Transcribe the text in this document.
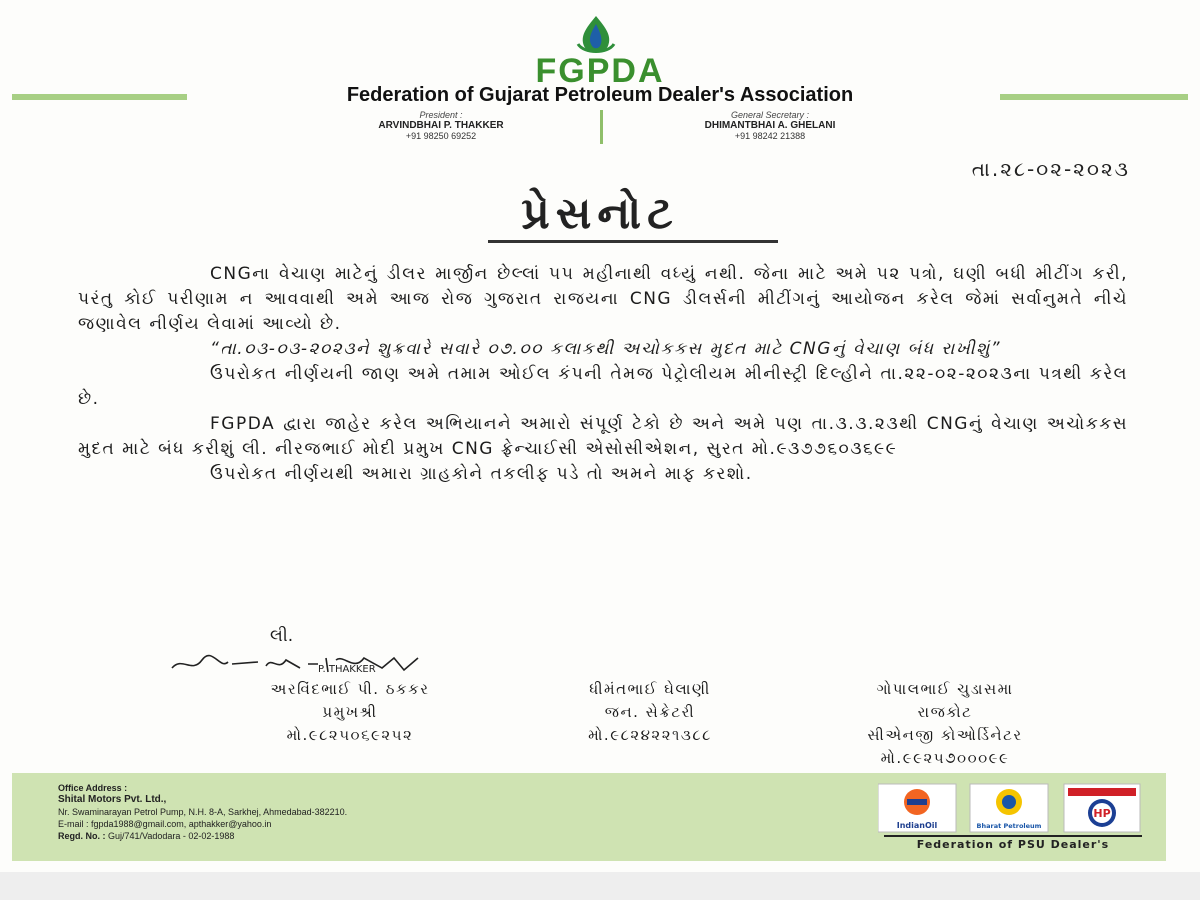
FGPDA
Federation of Gujarat Petroleum Dealer's Association
President :
ARVINDBHAI P. THAKKER
+91 98250 69252
General Secretary :
DHIMANTBHAI A. GHELANI
+91 98242 21388
તા.૨૮-૦૨-૨૦૨૩
પ્રેસનોટ

CNGના વેચાણ માટેનું ડીલર માર્જીન છેલ્લાં ૫૫ મહીનાથી વધ્યું નથી. જેના માટે અમે ૫૨ પત્રો, ઘણી બધી મીટીંગ કરી, પરંતુ કોઈ પરીણામ ન આવવાથી અમે આજ રોજ ગુજરાત રાજયના CNG ડીલર્સની મીટીંગનું આયોજન કરેલ જેમાં સર્વાનુમતે નીચે જણાવેલ નીર્ણય લેવામાં આવ્યો છે.

“તા.૦૩-૦૩-૨૦૨૩ને શુક્રવારે સવારે ૦૭.૦૦ કલાકથી અચોકકસ મુદત માટે CNGનું વેચાણ બંધ રાખીશું”

ઉપરોકત નીર્ણયની જાણ અમે તમામ ઓઈલ કંપની તેમજ પેટ્રોલીયમ મીનીસ્ટ્રી દિલ્હીને તા.૨૨-૦૨-૨૦૨૩ના પત્રથી કરેલ છે.

FGPDA દ્વારા જાહેર કરેલ અભિયાનને અમારો સંપૂર્ણ ટેકો છે અને અમે પણ તા.૩.૩.૨૩થી CNGનું વેચાણ અચોકકસ મુદત માટે બંધ કરીશું લી. નીરજભાઈ મોદી પ્રમુખ CNG ફ્રેન્ચાઈસી એસોસીએશન, સુરત મો.૯૩૭૭૬૦૩૬૯૯

ઉપરોકત નીર્ણયથી અમારા ગ્રાહકોને તકલીફ પડે તો અમને માફ કરશો.

લી.
P. THAKKER
અરવિંદભાઈ પી. ઠકકર
પ્રમુખશ્રી
મો.૯૮૨૫૦૬૯૨૫૨
ધીમંતભાઈ ઘેલાણી
જન. સેક્રેટરી
મો.૯૮૨૪૨૨૧૩૮૮
ગોપાલભાઈ ચુડાસમા
રાજકોટ
સીએનજી કોઓર્ડિનેટર
મો.૯૯૨૫૭૦૦૦૯૯
Office Address :
Shital Motors Pvt. Ltd.,
Nr. Swaminarayan Petrol Pump, N.H. 8-A, Sarkhej, Ahmedabad-382210.
E-mail : fgpda1988@gmail.com, apthakker@yahoo.in
Regd. No. : Guj/741/Vadodara - 02-02-1988
IndianOil	Bharat Petroleum
HP
Federation of PSU Dealer's
